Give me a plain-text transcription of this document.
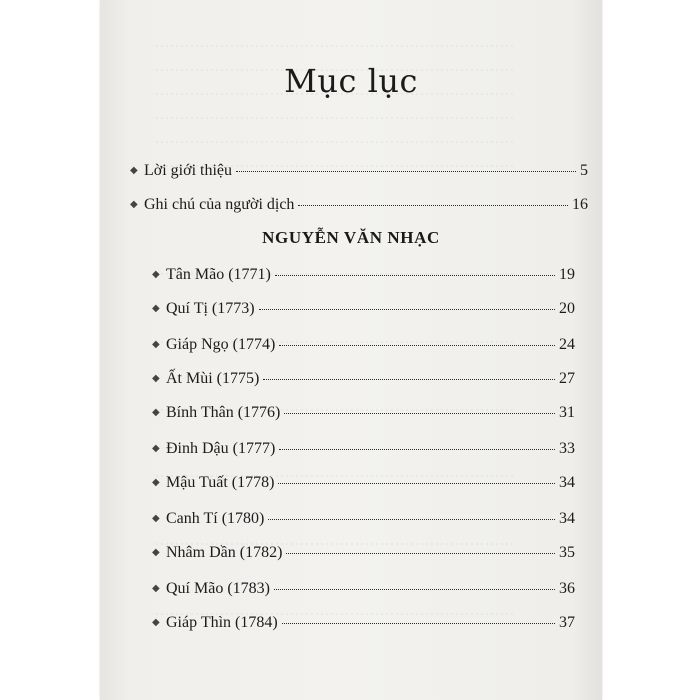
Mục lục
◆ Lời giới thiệu	5
◆ Ghi chú của người dịch	16
NGUYỄN VĂN NHẠC
◆ Tân Mão (1771)	19
◆ Quí Tị (1773)	20
◆ Giáp Ngọ (1774)	24
◆ Ất Mùi (1775)	27
◆ Bính Thân (1776)	31
◆ Đinh Dậu (1777)	33
◆ Mậu Tuất (1778)	34
◆ Canh Tí (1780)	34
◆ Nhâm Dần (1782)	35
◆ Quí Mão (1783)	36
◆ Giáp Thìn (1784)	37
